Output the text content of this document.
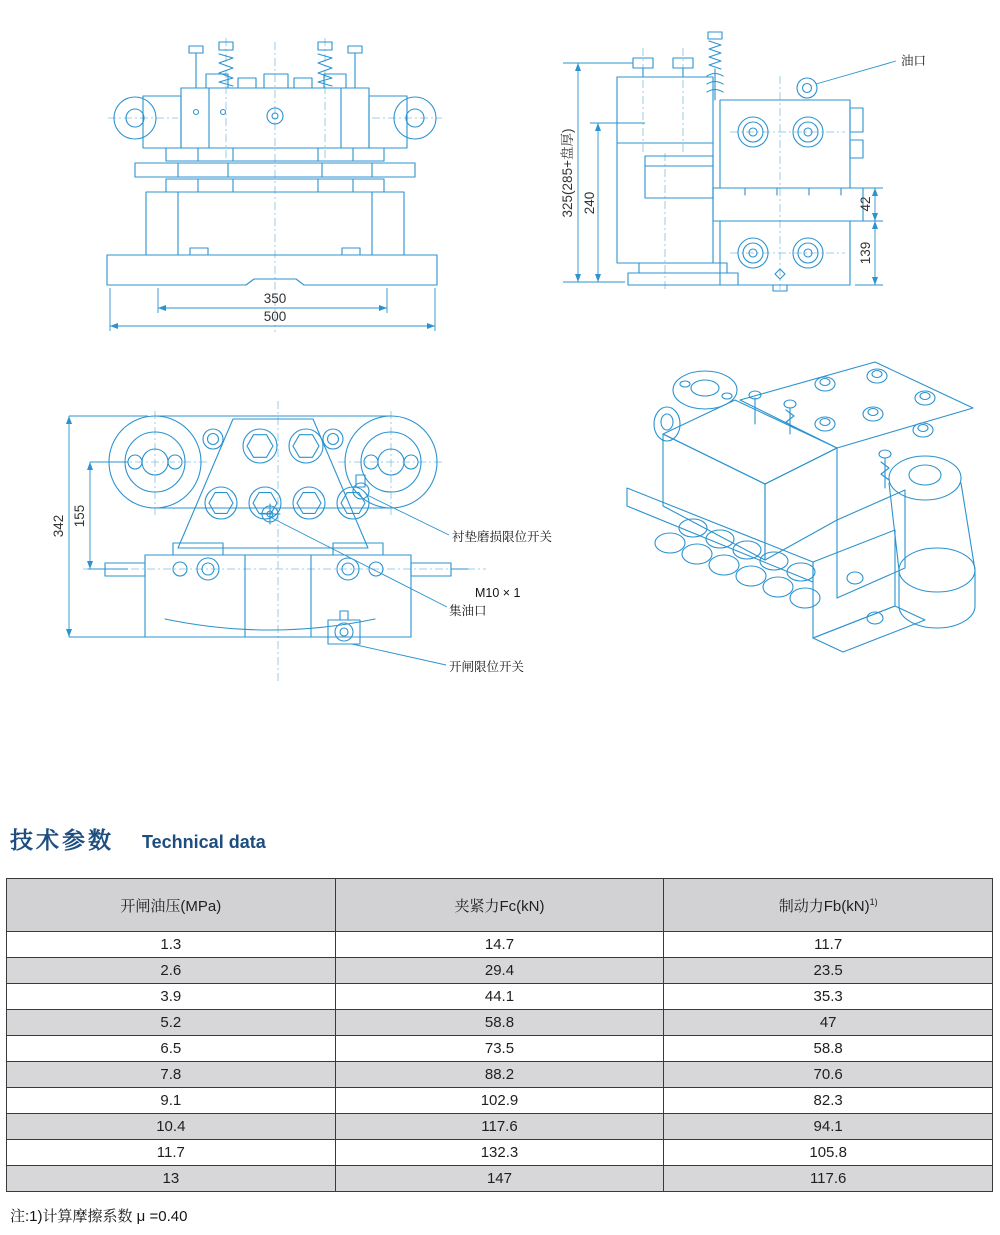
350
500
油口
325(285+盘厚) 240	42
139
342 155
衬垫磨损限位开关
M10 × 1
集油口
开闸限位开关
技术参数 Technical data
开闸油压(MPa)	夹紧力Fc(kN)	制动力Fb(kN)$^{1)}$
1.3	14.7	11.7
2.6	29.4	23.5
3.9	44.1	35.3
5.2	58.8	47
6.5	73.5	58.8
7.8	88.2	70.6
9.1	102.9	82.3
10.4	117.6	94.1
11.7	132.3	105.8
13	147	117.6
注:1)计算摩擦系数 μ =0.40
